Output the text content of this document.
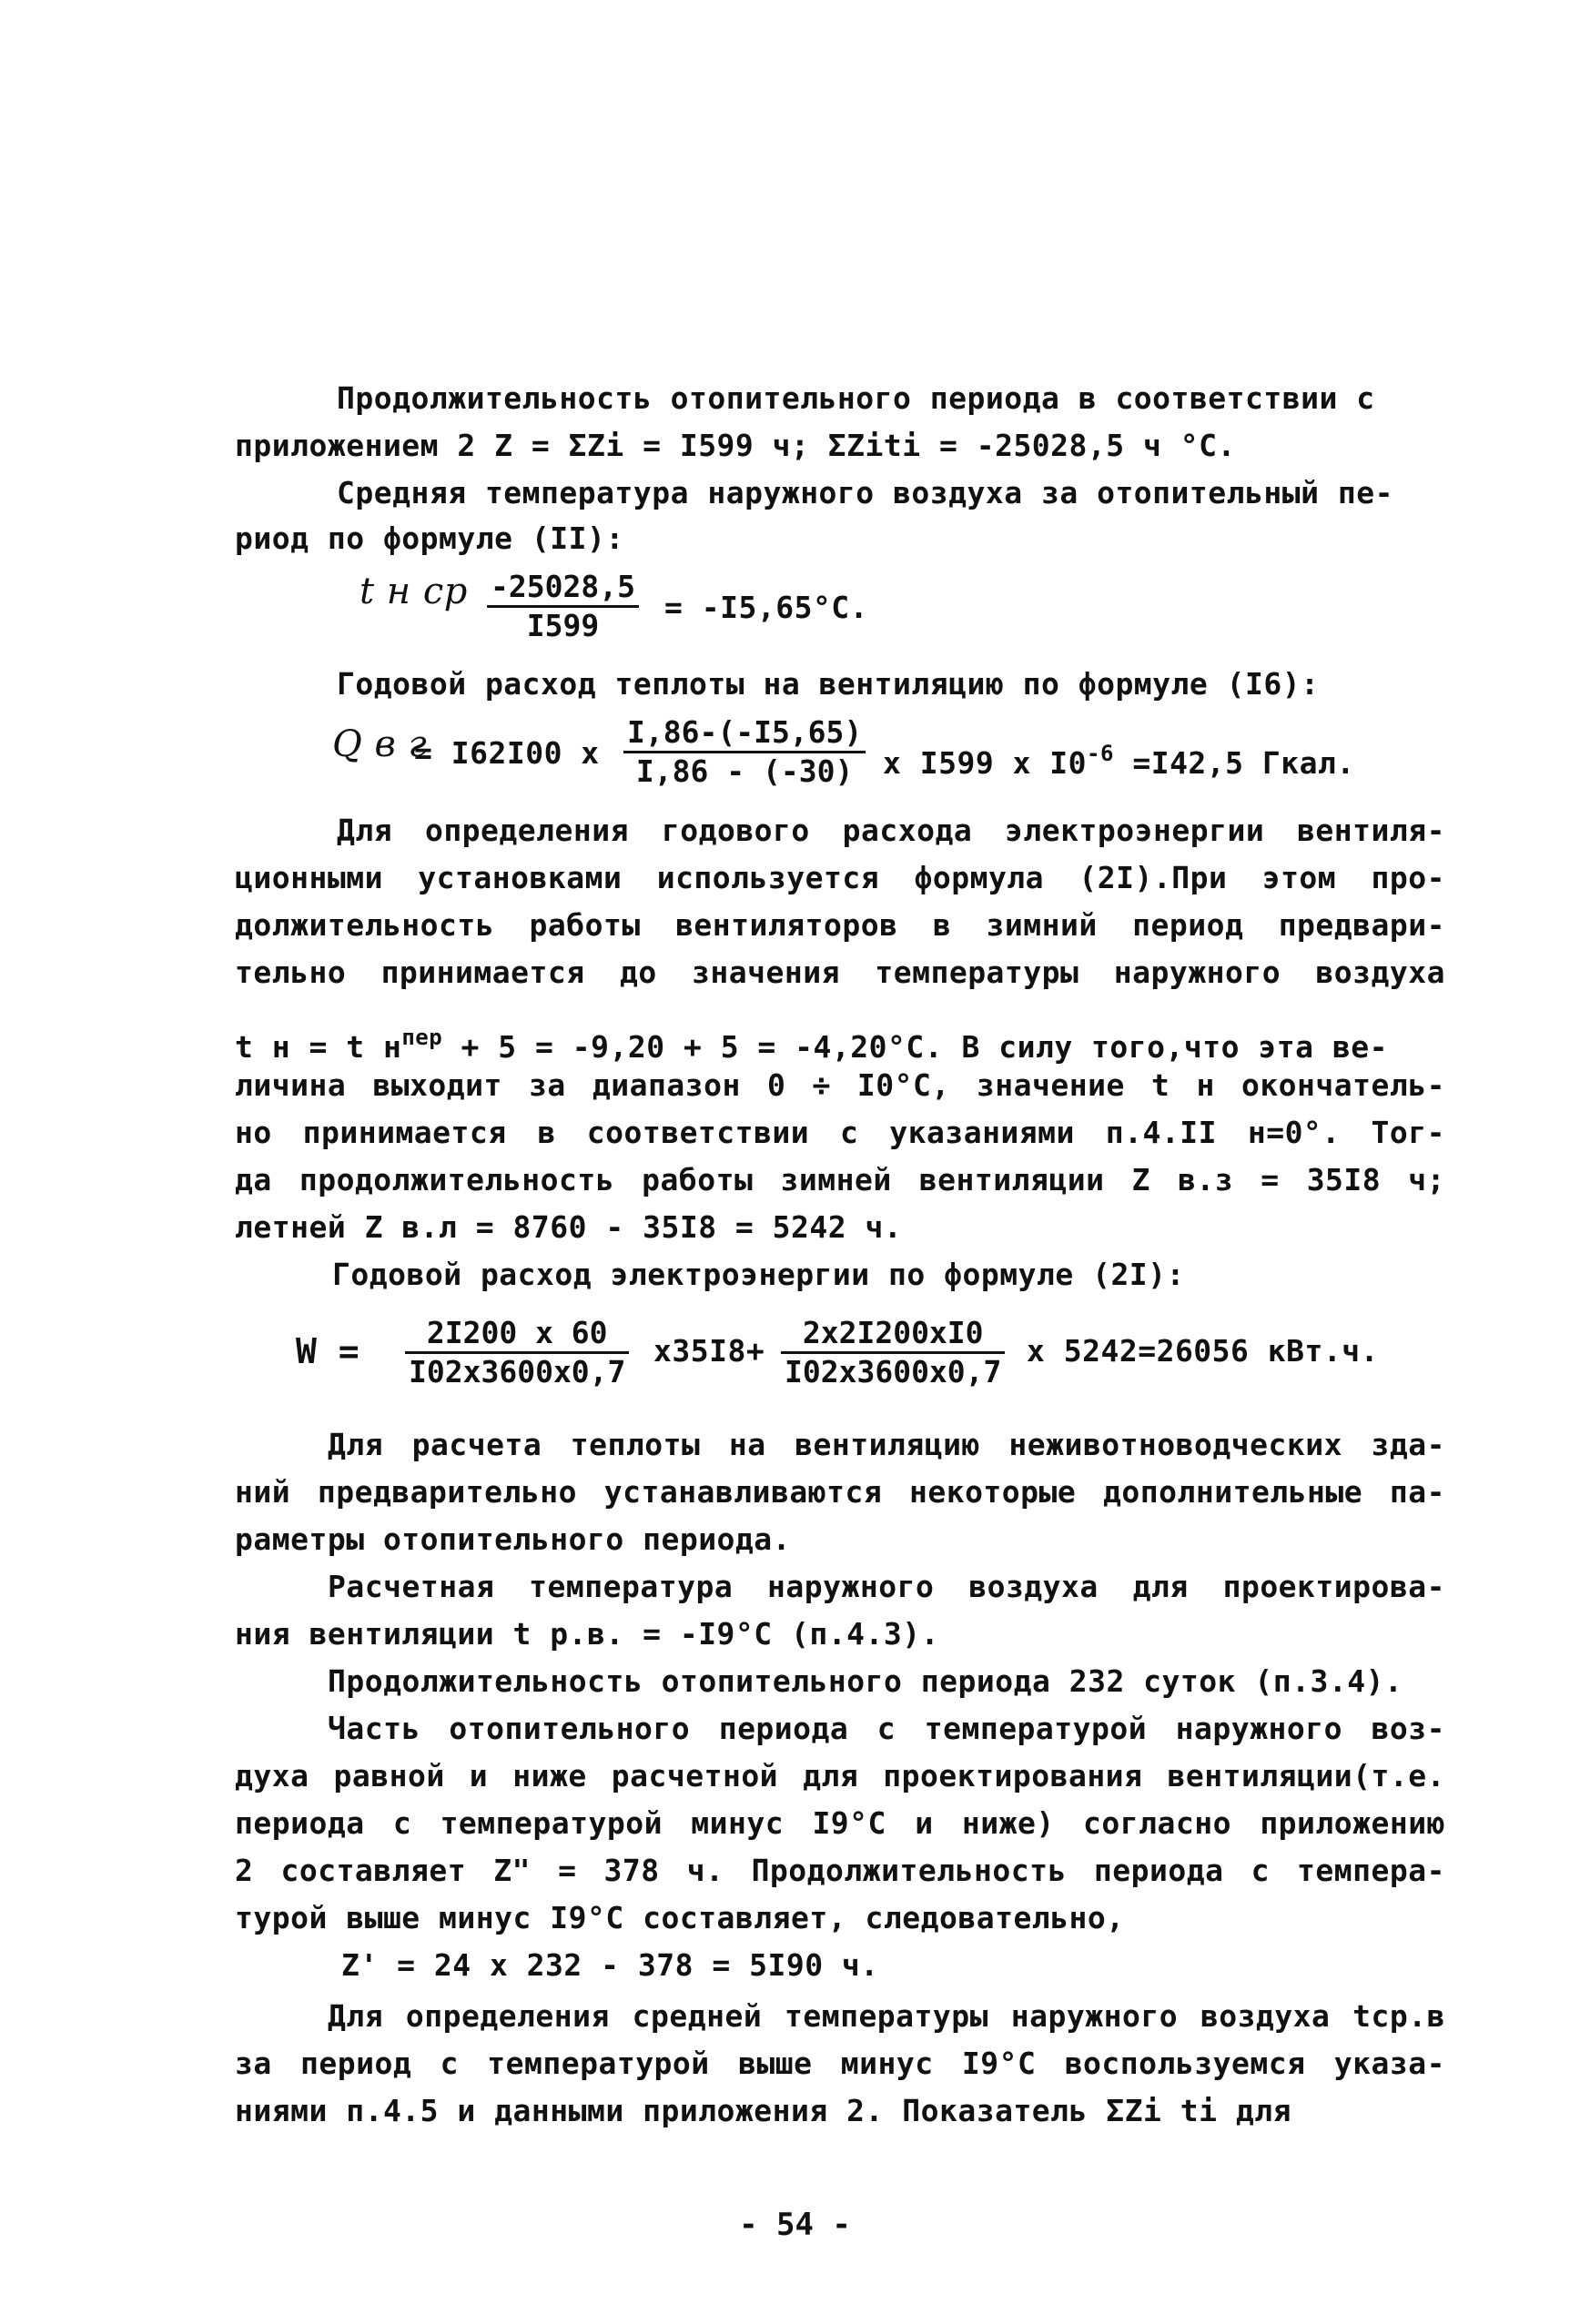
Продолжительность отопительного периода в соответствии с
приложением 2 Z = ΣZi = I599 ч; ΣZiti = -25028,5 ч °С.
Средняя температура наружного воздуха за отопительный пе-
риод по формуле (II):
t н ср $\frac{-25028,5}{I599} = -I5,65^\circ С$.
Годовой расход теплоты на вентиляцию по формуле (I6):
Q в г
= I62I00 x $\frac{I,86-(-I5,65)}{I,86 - (-30)}$ x I599 x $I0^{-6} =I42,5$ Гкал.
Для определения годового расхода электроэнергии вентиля-
ционными установками используется формула (2I).При этом про-
должительность работы вентиляторов в зимний период предвари-
тельно принимается до значения температуры наружного воздуха
t н = t $н^{пер} + 5 = -9,20 + 5 = -4,20^\circ С$. В силу того,что эта ве-
личина выходит за диапазон 0 ÷ I0°С, значение t н окончатель-
но принимается в соответствии с указаниями п.4.II н=0°. Тог-
да продолжительность работы зимней вентиляции Z в.з = 35I8 ч;
летней Z в.л = 8760 - 35I8 = 5242 ч.
Годовой расход электроэнергии по формуле (2I):
$W = \frac{2I200 x 60}{I02x3600x0,7} x35I8+ \frac{2x2I200xI0}{I02x3600x0,7}$ x 5242=26056 кВт.ч.
Для расчета теплоты на вентиляцию неживотноводческих зда-
ний предварительно устанавливаются некоторые дополнительные па-
раметры отопительного периода.
Расчетная температура наружного воздуха для проектирова-
ния вентиляции t р.в. = -I9°С (п.4.3).
Продолжительность отопительного периода 232 суток (п.3.4).
Часть отопительного периода с температурой наружного воз-
духа равной и ниже расчетной для проектирования вентиляции(т.е.
периода с температурой минус I9°С и ниже) согласно приложению
2 составляет Z" = 378 ч. Продолжительность периода с темпера-
турой выше минус I9°С составляет, следовательно,
Z' = 24 x 232 - 378 = 5I90 ч.
Для определения средней температуры наружного воздуха tср.в
за период с температурой выше минус I9°С воспользуемся указа-
ниями п.4.5 и данными приложения 2. Показатель ΣZi ti для
- 54 -
